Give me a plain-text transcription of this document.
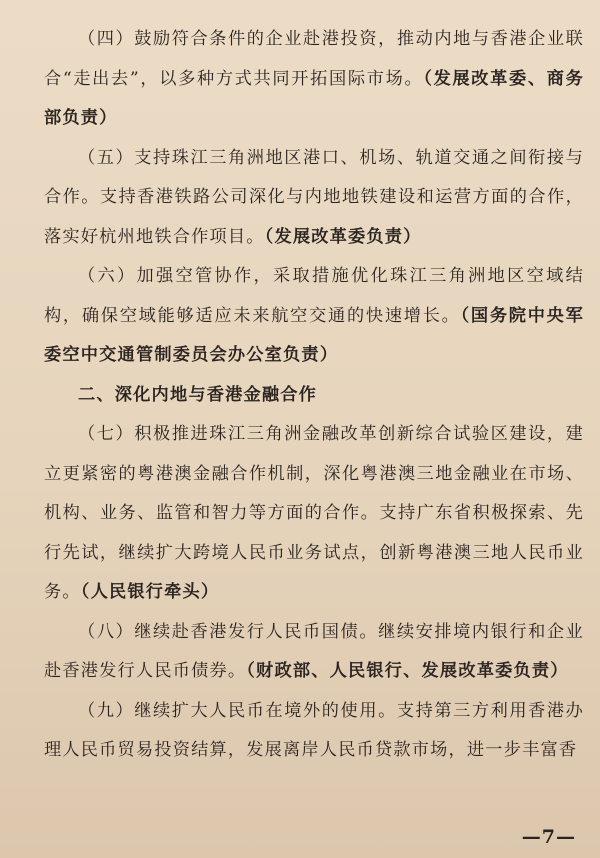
（四）鼓励符合条件的企业赴港投资，推动内地与香港企业联合“走出去”，以多种方式共同开拓国际市场。（发展改革委、商务部负责）

（五）支持珠江三角洲地区港口、机场、轨道交通之间衔接与合作。支持香港铁路公司深化与内地地铁建设和运营方面的合作，落实好杭州地铁合作项目。（发展改革委负责）

（六）加强空管协作，采取措施优化珠江三角洲地区空域结构，确保空域能够适应未来航空交通的快速增长。（国务院中央军委空中交通管制委员会办公室负责）

二、深化内地与香港金融合作

（七）积极推进珠江三角洲金融改革创新综合试验区建设，建立更紧密的粤港澳金融合作机制，深化粤港澳三地金融业在市场、机构、业务、监管和智力等方面的合作。支持广东省积极探索、先行先试，继续扩大跨境人民币业务试点，创新粤港澳三地人民币业务。（人民银行牵头）

（八）继续赴香港发行人民币国债。继续安排境内银行和企业赴香港发行人民币债券。（财政部、人民银行、发展改革委负责）

（九）继续扩大人民币在境外的使用。支持第三方利用香港办理人民币贸易投资结算，发展离岸人民币贷款市场，进一步丰富香

—7—
